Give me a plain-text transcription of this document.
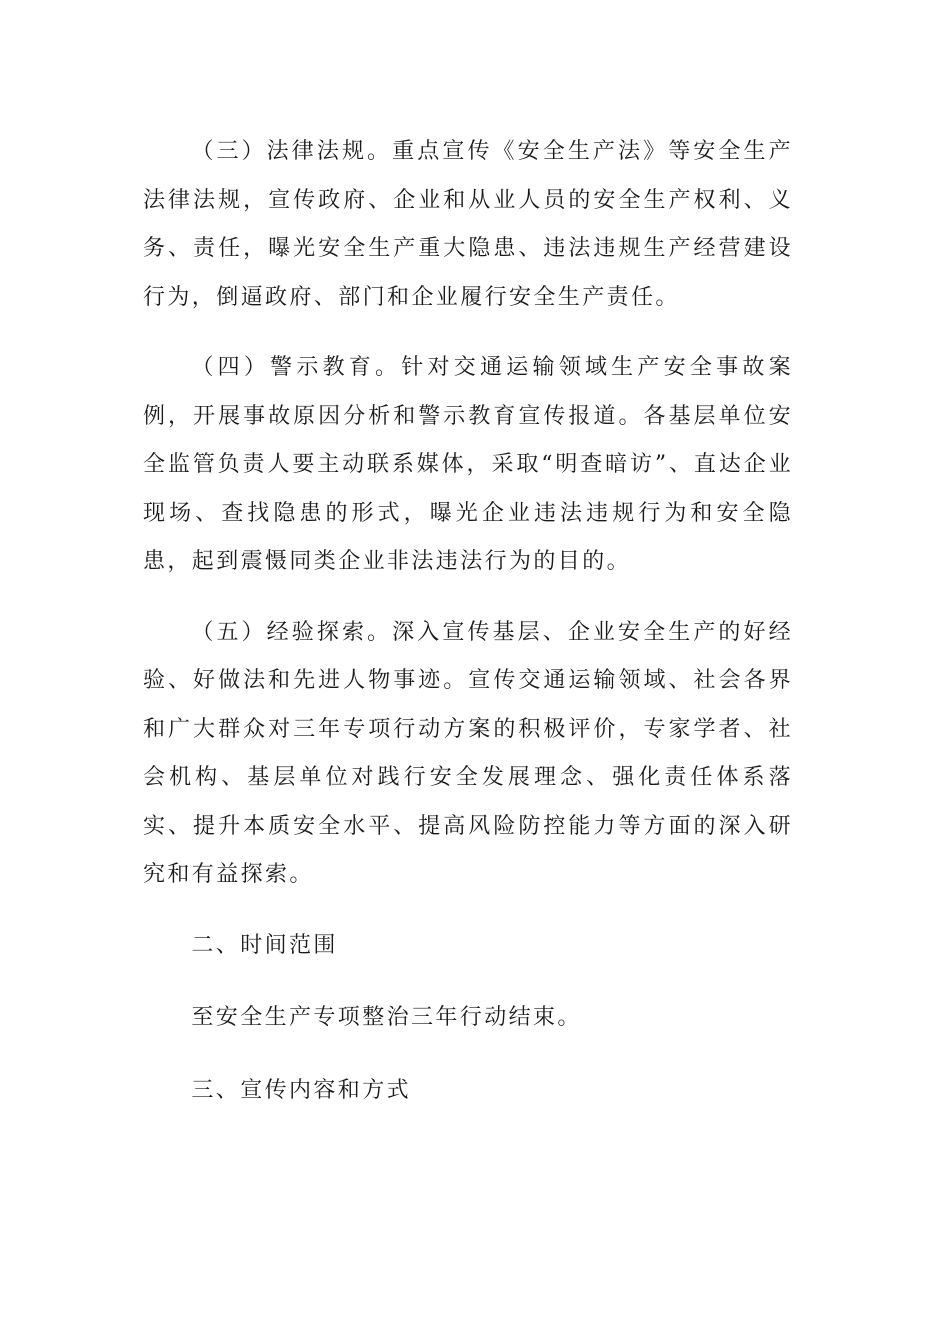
（三）法律法规。重点宣传《安全生产法》等安全生产法律法规，宣传政府、企业和从业人员的安全生产权利、义务、责任，曝光安全生产重大隐患、违法违规生产经营建设行为，倒逼政府、部门和企业履行安全生产责任。

（四）警示教育。针对交通运输领域生产安全事故案例，开展事故原因分析和警示教育宣传报道。各基层单位安全监管负责人要主动联系媒体，采取“明查暗访”、直达企业现场、查找隐患的形式，曝光企业违法违规行为和安全隐患，起到震慑同类企业非法违法行为的目的。

（五）经验探索。深入宣传基层、企业安全生产的好经验、好做法和先进人物事迹。宣传交通运输领域、社会各界和广大群众对三年专项行动方案的积极评价，专家学者、社会机构、基层单位对践行安全发展理念、强化责任体系落实、提升本质安全水平、提高风险防控能力等方面的深入研究和有益探索。

二、时间范围

至安全生产专项整治三年行动结束。

三、宣传内容和方式
